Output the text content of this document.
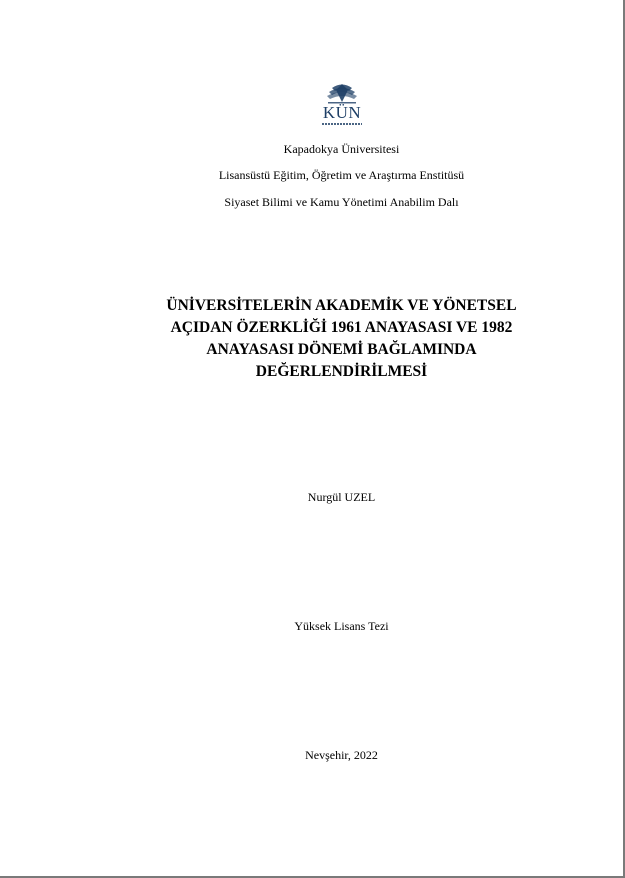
KÜN
Kapadokya Üniversitesi
Lisansüstü Eğitim, Öğretim ve Araştırma Enstitüsü
Siyaset Bilimi ve Kamu Yönetimi Anabilim Dalı
ÜNİVERSİTELERİN AKADEMİK VE YÖNETSEL
AÇIDAN ÖZERKLİĞİ 1961 ANAYASASI VE 1982
ANAYASASI DÖNEMİ BAĞLAMINDA
DEĞERLENDİRİLMESİ
Nurgül UZEL
Yüksek Lisans Tezi
Nevşehir, 2022
